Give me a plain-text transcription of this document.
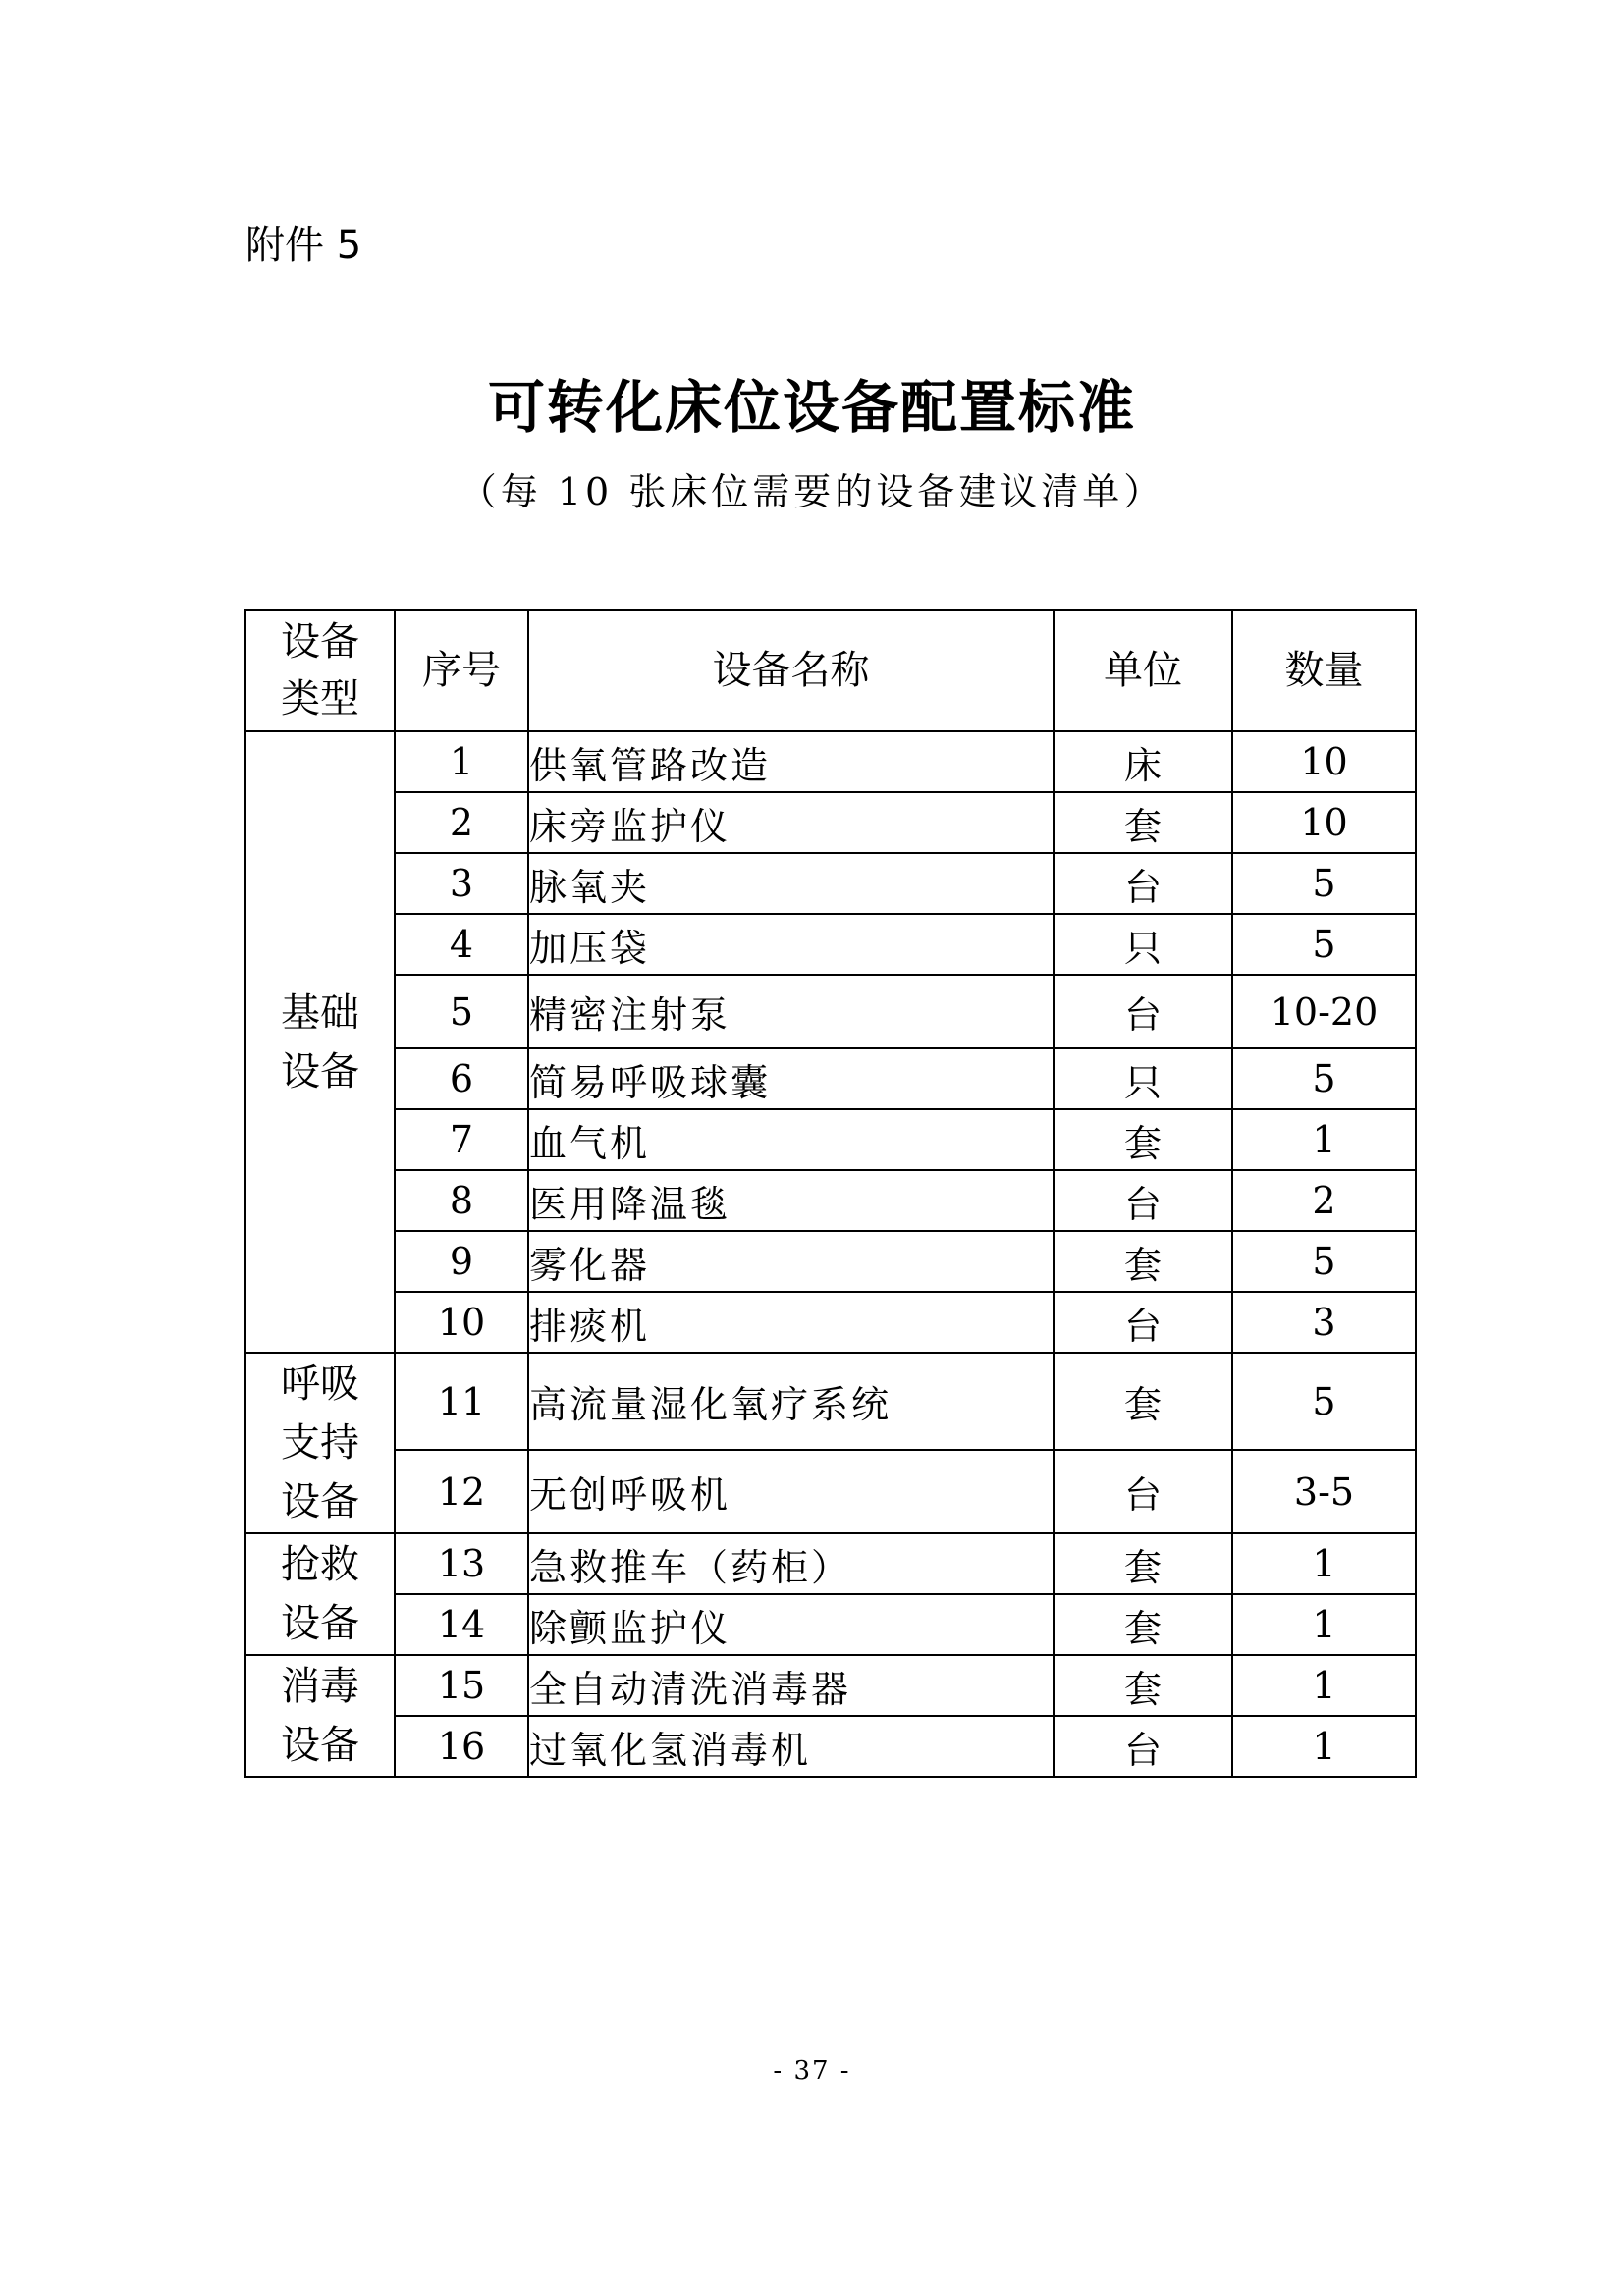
附件 5

可转化床位设备配置标准

（每 10 张床位需要的设备建议清单）

设备类型	序号	设备名称	单位	数量

基础设备	1	供氧管路改造	床	10
	2	床旁监护仪	套	10
	3	脉氧夹	台	5
	4	加压袋	只	5
	5	精密注射泵	台	10-20
	6	简易呼吸球囊	只	5
	7	血气机	套	1
	8	医用降温毯	台	2
	9	雾化器	套	5
	10	排痰机	台	3

呼吸支持设备	11	高流量湿化氧疗系统	套	5
	12	无创呼吸机	台	3-5

抢救设备	13	急救推车（药柜）	套	1
	14	除颤监护仪	套	1

消毒设备	15	全自动清洗消毒器	套	1
	16	过氧化氢消毒机	台	1

- 37 -
